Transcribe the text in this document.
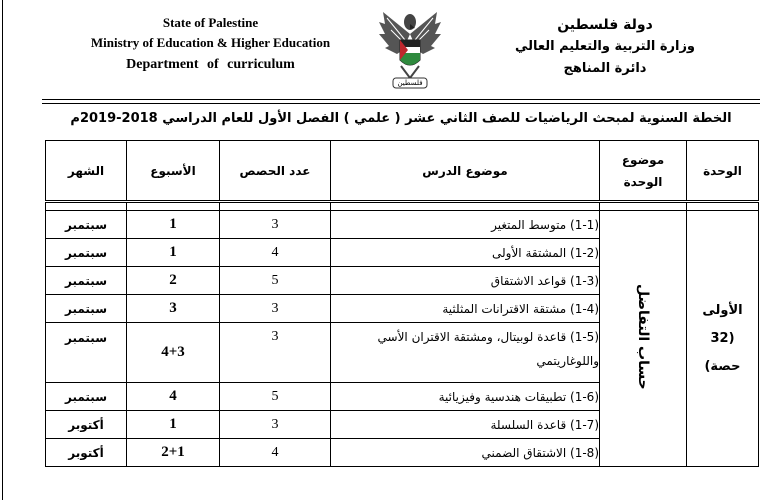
State of Palestine
Ministry of Education & Higher Education
Department of curriculum
فلسطين
دولة فلسطين
وزارة التربية والتعليم العالي
دائرة المناهج
الخطة السنوية لمبحث الرياضيات للصف الثاني عشر ( علمي ) الفصل الأول للعام الدراسي 2018-2019م
الوحدة	موضوع الوحدة	موضوع الدرس	عدد الحصص	الأسبوع	الشهر

الأولى
(32
حصة)	حساب التفاضل	(1-1) متوسط المتغير	3	1	سبتمبر
		(1-2) المشتقة الأولى	4	1	سبتمبر
		(1-3) قواعد الاشتقاق	5	2	سبتمبر
		(1-4) مشتقة الاقترانات المثلثية	3	3	سبتمبر
		(1-5) قاعدة لوبيتال، ومشتقة الاقتران الأسي واللوغاريتمي	3	4+3	سبتمبر
		(1-6) تطبيقات هندسية وفيزيائية	5	4	سبتمبر
		(1-7) قاعدة السلسلة	3	1	أكتوبر
		(1-8) الاشتقاق الضمني	4	2+1	أكتوبر
